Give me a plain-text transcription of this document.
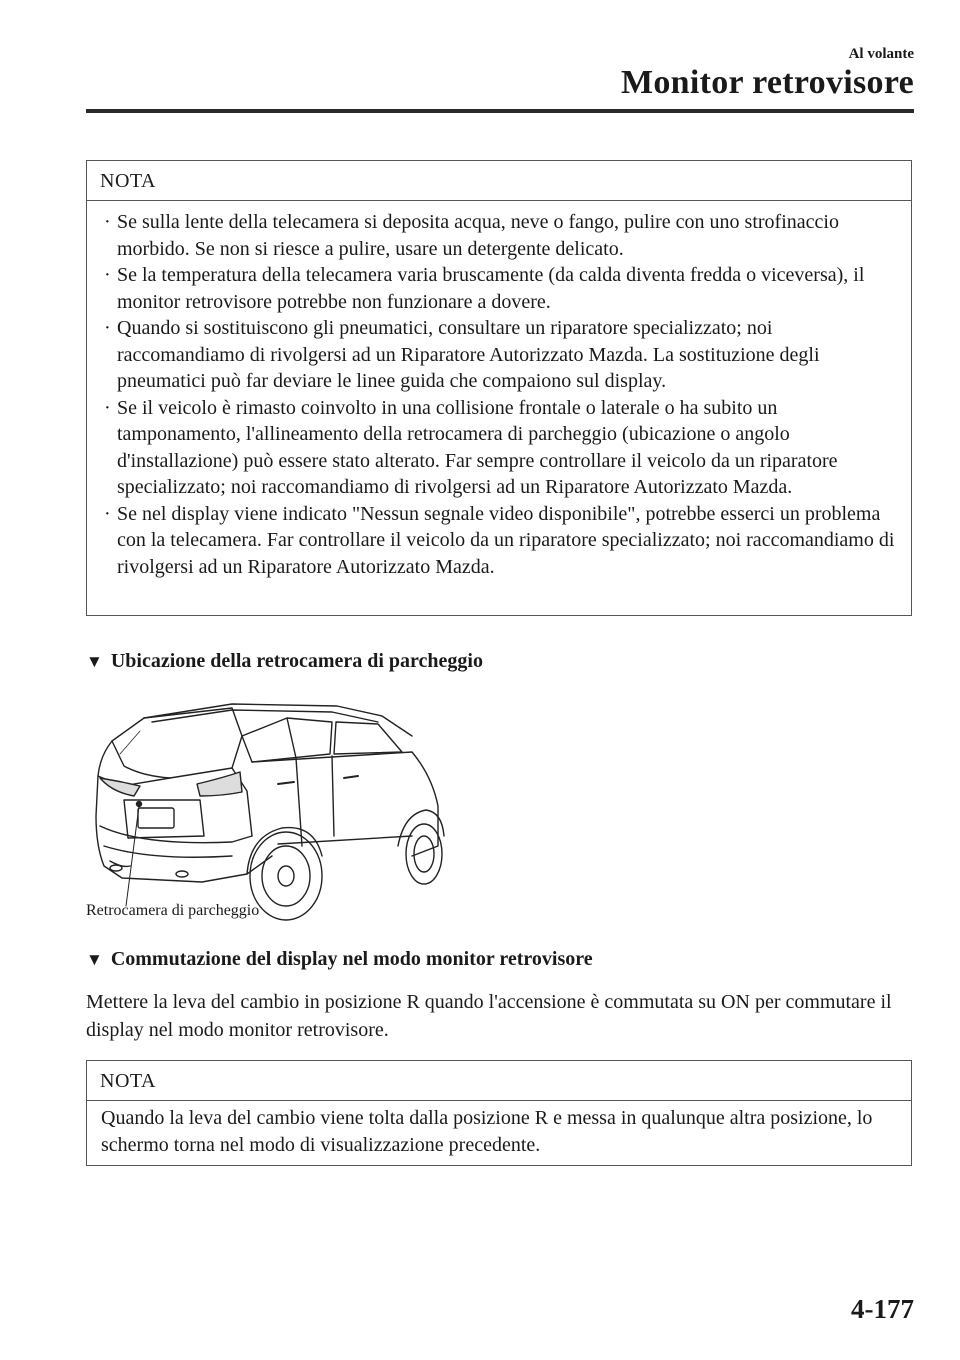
Al volante
Monitor retrovisore
NOTA
· Se sulla lente della telecamera si deposita acqua, neve o fango, pulire con uno strofinaccio morbido. Se non si riesce a pulire, usare un detergente delicato.
· Se la temperatura della telecamera varia bruscamente (da calda diventa fredda o viceversa), il monitor retrovisore potrebbe non funzionare a dovere.
· Quando si sostituiscono gli pneumatici, consultare un riparatore specializzato; noi raccomandiamo di rivolgersi ad un Riparatore Autorizzato Mazda. La sostituzione degli pneumatici può far deviare le linee guida che compaiono sul display.
· Se il veicolo è rimasto coinvolto in una collisione frontale o laterale o ha subito un tamponamento, l'allineamento della retrocamera di parcheggio (ubicazione o angolo d'installazione) può essere stato alterato. Far sempre controllare il veicolo da un riparatore specializzato; noi raccomandiamo di rivolgersi ad un Riparatore Autorizzato Mazda.
· Se nel display viene indicato "Nessun segnale video disponibile", potrebbe esserci un problema con la telecamera. Far controllare il veicolo da un riparatore specializzato; noi raccomandiamo di rivolgersi ad un Riparatore Autorizzato Mazda.
▼ Ubicazione della retrocamera di parcheggio
Retrocamera di parcheggio
▼ Commutazione del display nel modo monitor retrovisore
Mettere la leva del cambio in posizione R quando l'accensione è commutata su ON per commutare il display nel modo monitor retrovisore.
NOTA
Quando la leva del cambio viene tolta dalla posizione R e messa in qualunque altra posizione, lo schermo torna nel modo di visualizzazione precedente.
4-177
